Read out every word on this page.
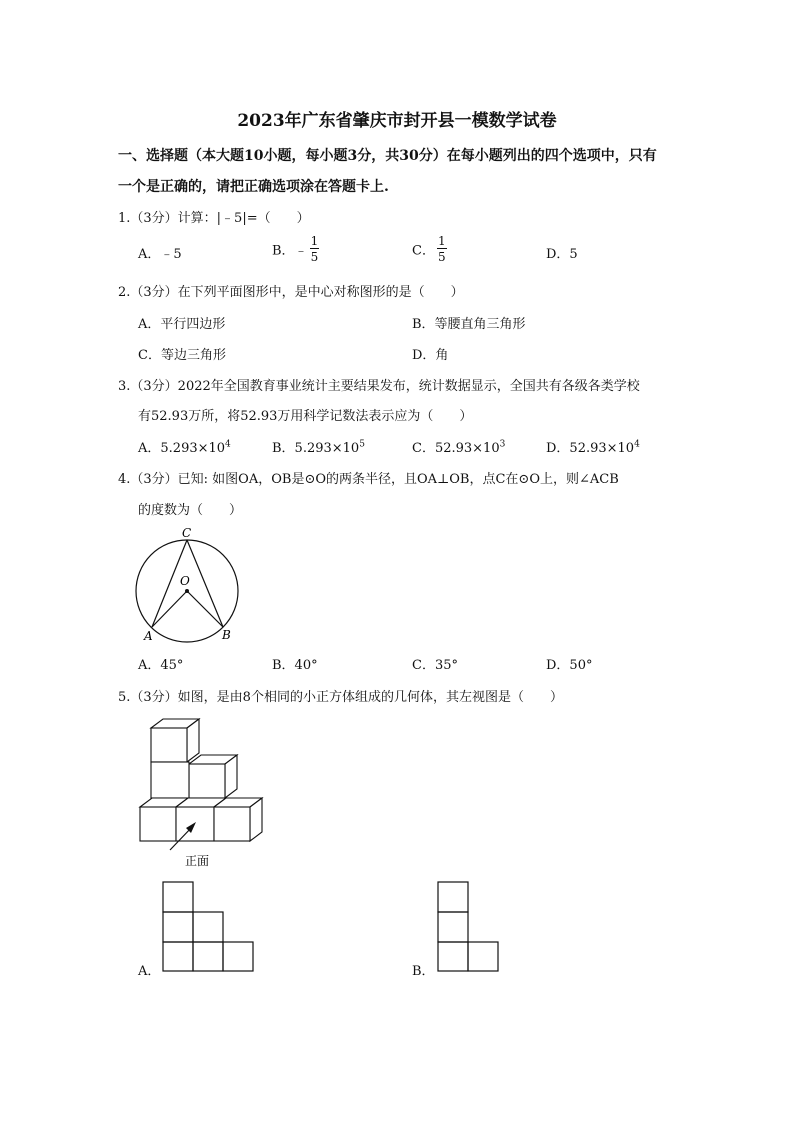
2023年广东省肇庆市封开县一模数学试卷
一、选择题（本大题10小题，每小题3分，共30分）在每小题列出的四个选项中，只有
一个是正确的，请把正确选项涂在答题卡上.
1.（3分）计算：|﹣5|=（　　）
A．﹣5	B．﹣ $\frac{1}{5}$	C． $\frac{1}{5}$	D．5
2.（3分）在下列平面图形中，是中心对称图形的是（　　）
A．平行四边形	B．等腰直角三角形
C．等边三角形	D．角
3.（3分）2022年全国教育事业统计主要结果发布，统计数据显示，全国共有各级各类学校
有52.93万所，将52.93万用科学记数法表示应为（　　）
A．$5.293\times 10^4$	B．$5.293\times 10^5$	C．$52.93\times 10^3$	D．$52.93\times 10^4$
4.（3分）已知: 如图OA，OB是⊙O的两条半径，且OA⊥OB，点C在⊙O上，则∠ACB
的度数为（　　）
C
O
A	B
A．45°	B．40°	C．35°	D．50°
5.（3分）如图，是由8个相同的小正方体组成的几何体，其左视图是（　　）
正面
A．	B．
